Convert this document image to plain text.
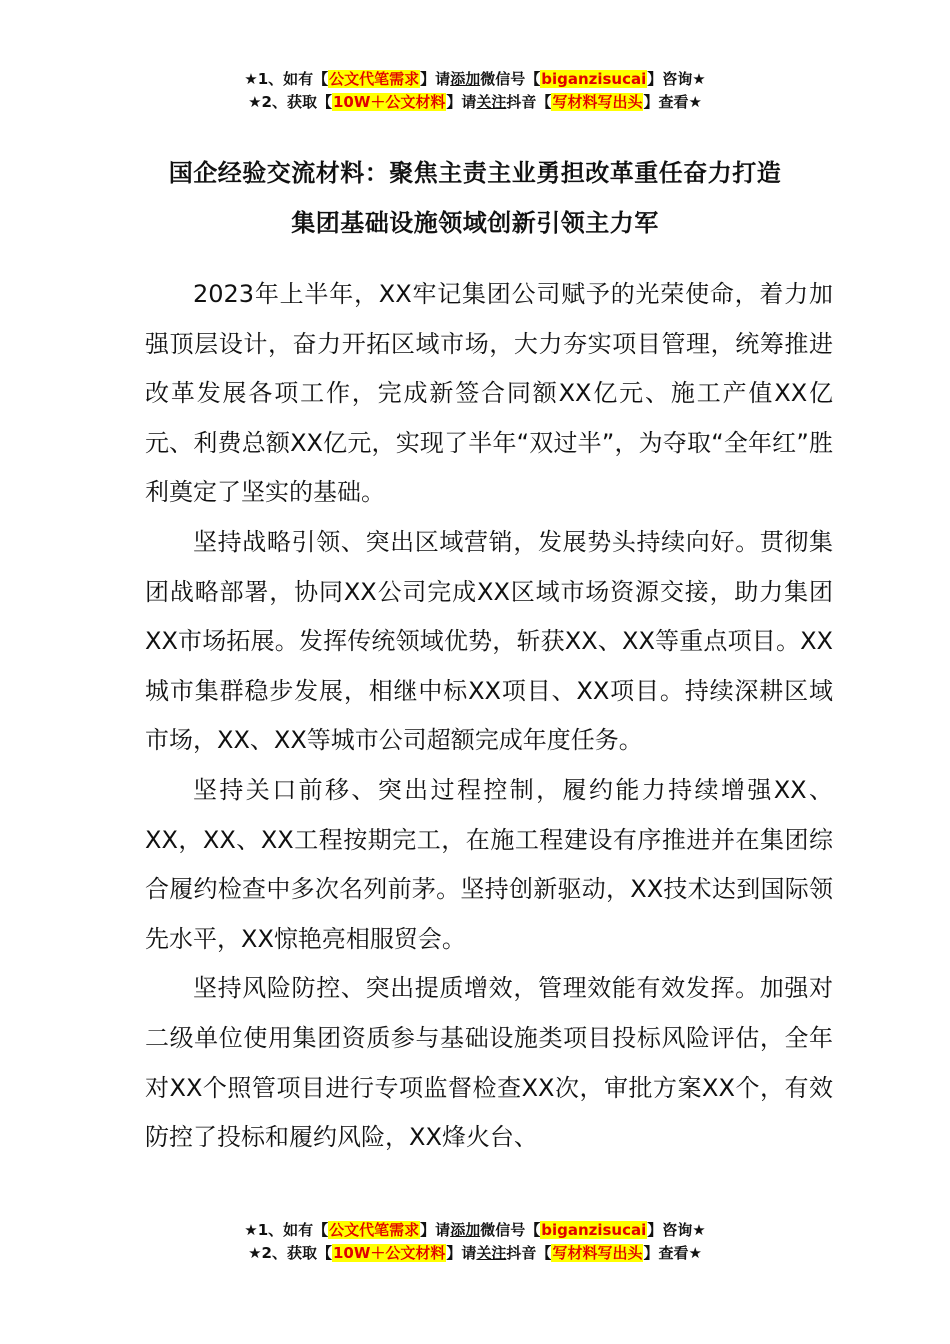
★1、如有【公文代笔需求】请添加微信号【biganzisucai】咨询★
★2、获取【10W＋公文材料】请关注抖音【写材料写出头】查看★
国企经验交流材料：聚焦主责主业勇担改革重任奋力打造
集团基础设施领域创新引领主力军

2023年上半年，XX牢记集团公司赋予的光荣使命，着力加强顶层设计，奋力开拓区域市场，大力夯实项目管理，统筹推进改革发展各项工作，完成新签合同额XX亿元、施工产值XX亿元、利费总额XX亿元，实现了半年“双过半”，为夺取“全年红”胜利奠定了坚实的基础。

坚持战略引领、突出区域营销，发展势头持续向好。贯彻集团战略部署，协同XX公司完成XX区域市场资源交接，助力集团XX市场拓展。发挥传统领域优势，斩获XX、XX等重点项目。XX城市集群稳步发展，相继中标XX项目、XX项目。持续深耕区域市场，XX、XX等城市公司超额完成年度任务。

坚持关口前移、突出过程控制，履约能力持续增强XX、XX，XX、XX工程按期完工，在施工程建设有序推进并在集团综合履约检查中多次名列前茅。坚持创新驱动，XX技术达到国际领先水平，XX惊艳亮相服贸会。

坚持风险防控、突出提质增效，管理效能有效发挥。加强对二级单位使用集团资质参与基础设施类项目投标风险评估，全年对XX个照管项目进行专项监督检查XX次，审批方案XX个，有效防控了投标和履约风险，XX烽火台、

★1、如有【公文代笔需求】请添加微信号【biganzisucai】咨询★
★2、获取【10W＋公文材料】请关注抖音【写材料写出头】查看★
